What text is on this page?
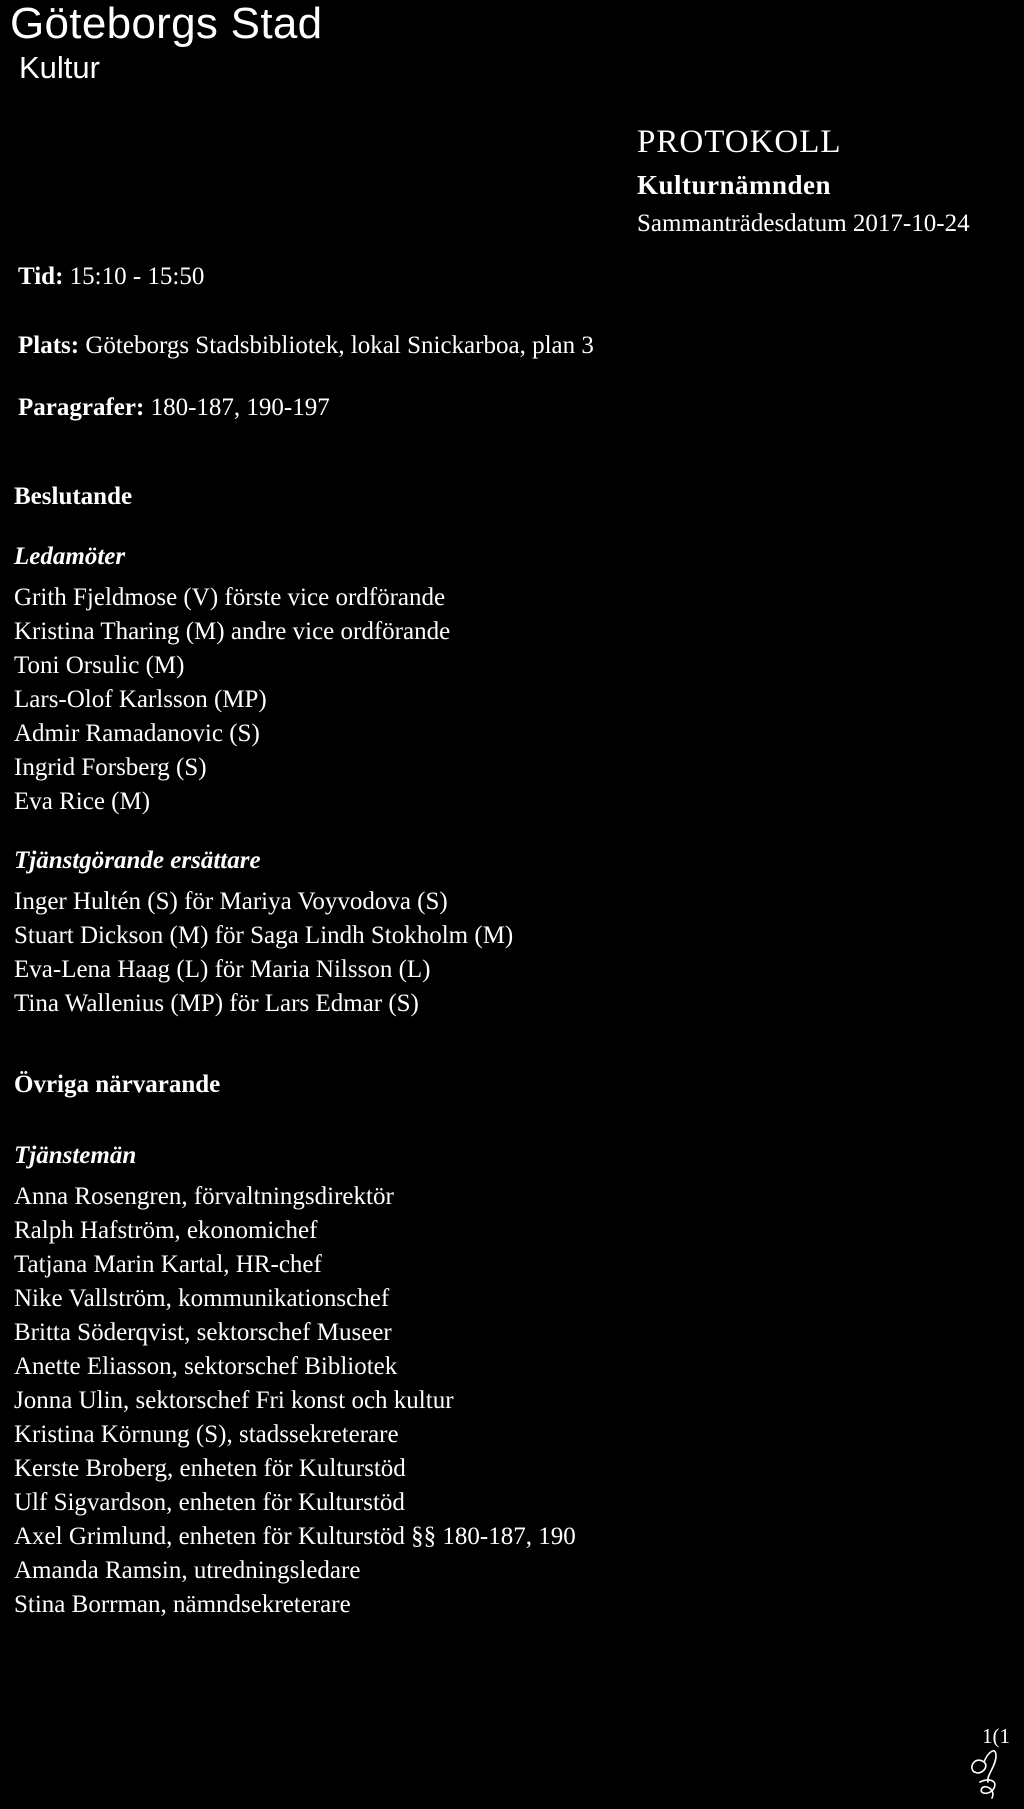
Göteborgs Stad
Kultur
PROTOKOLL
Kulturnämnden
Sammanträdesdatum 2017-10-24
Tid: 15:10 - 15:50
Plats: Göteborgs Stadsbibliotek, lokal Snickarboa, plan 3
Paragrafer: 180-187, 190-197
Beslutande
Ledamöter
Grith Fjeldmose (V) förste vice ordförande
Kristina Tharing (M) andre vice ordförande
Toni Orsulic (M)
Lars-Olof Karlsson (MP)
Admir Ramadanovic (S)
Ingrid Forsberg (S)
Eva Rice (M)
Tjänstgörande ersättare
Inger Hultén (S) för Mariya Voyvodova (S)
Stuart Dickson (M) för Saga Lindh Stokholm (M)
Eva-Lena Haag (L) för Maria Nilsson (L)
Tina Wallenius (MP) för Lars Edmar (S)
Övriga närvarande
Tjänstemän
Anna Rosengren, förvaltningsdirektör
Ralph Hafström, ekonomichef
Tatjana Marin Kartal, HR-chef
Nike Vallström, kommunikationschef
Britta Söderqvist, sektorschef Museer
Anette Eliasson, sektorschef Bibliotek
Jonna Ulin, sektorschef Fri konst och kultur
Kristina Körnung (S), stadssekreterare
Kerste Broberg, enheten för Kulturstöd
Ulf Sigvardson, enheten för Kulturstöd
Axel Grimlund, enheten för Kulturstöd §§ 180-187, 190
Amanda Ramsin, utredningsledare
Stina Borrman, nämndsekreterare
1(1
